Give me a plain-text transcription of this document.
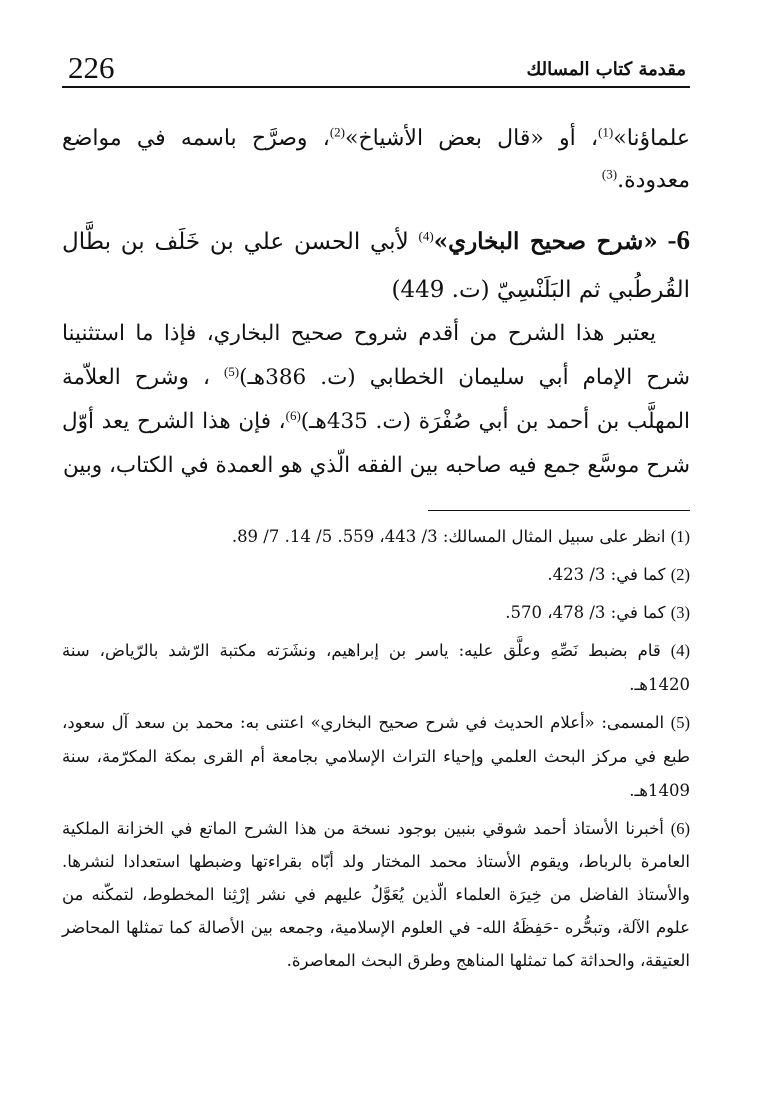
226	مقدمة كتاب المسالك
علماؤنا»$^{(1)}$، أو «قال بعض الأشياخ»$^{(2)}$، وصرَّح باسمه في مواضع معدودة.$^{(3)}$
6- «شرح صحيح البخاري»$^{(4)}$ لأبي الحسن علي بن خَلَف بن بطَّال القُرطُبي ثم البَلَنْسِيّ (ت. 449)
يعتبر هذا الشرح من أقدم شروح صحيح البخاري، فإذا ما استثنينا شرح الإمام أبي سليمان الخطابي (ت. 386هـ)$^{(5)}$ ، وشرح العلاّمة المهلَّب بن أحمد بن أبي صُفْرَة (ت. 435هـ)$^{(6)}$، فإن هذا الشرح يعد أوّل شرح موسَّع جمع فيه صاحبه بين الفقه الّذي هو العمدة في الكتاب، وبين

(1) انظر على سبيل المثال المسالك: 3/ 443، 559. 5/ 14. 7/ 89.

(2) كما في: 3/ 423.

(3) كما في: 3/ 478، 570.

(4) قام بضبط نَصِّهِ وعلَّق عليه: ياسر بن إبراهيم، ونشَرَته مكتبة الرّشد بالرّياض، سنة 1420هـ.

(5) المسمى: «أعلام الحديث في شرح صحيح البخاري» اعتنى به: محمد بن سعد آل سعود، طبع في مركز البحث العلمي وإحياء التراث الإسلامي بجامعة أم القرى بمكة المكرّمة، سنة 1409هـ.

(6) أخبرنا الأستاذ أحمد شوقي بنبين بوجود نسخة من هذا الشرح الماتع في الخزانة الملكية العامرة بالرباط، ويقوم الأستاذ محمد المختار ولد أبّاه بقراءتها وضبطها استعدادا لنشرها. والأستاذ الفاضل من خِيرَة العلماء الّذين يُعَوَّلُ عليهم في نشر إرْثِنا المخطوط، لتمكّنه من علوم الآلة، وتبحُّره -حَفِظَهُ الله- في العلوم الإسلامية، وجمعه بين الأصالة كما تمثلها المحاضر العتيقة، والحداثة كما تمثلها المناهج وطرق البحث المعاصرة.
